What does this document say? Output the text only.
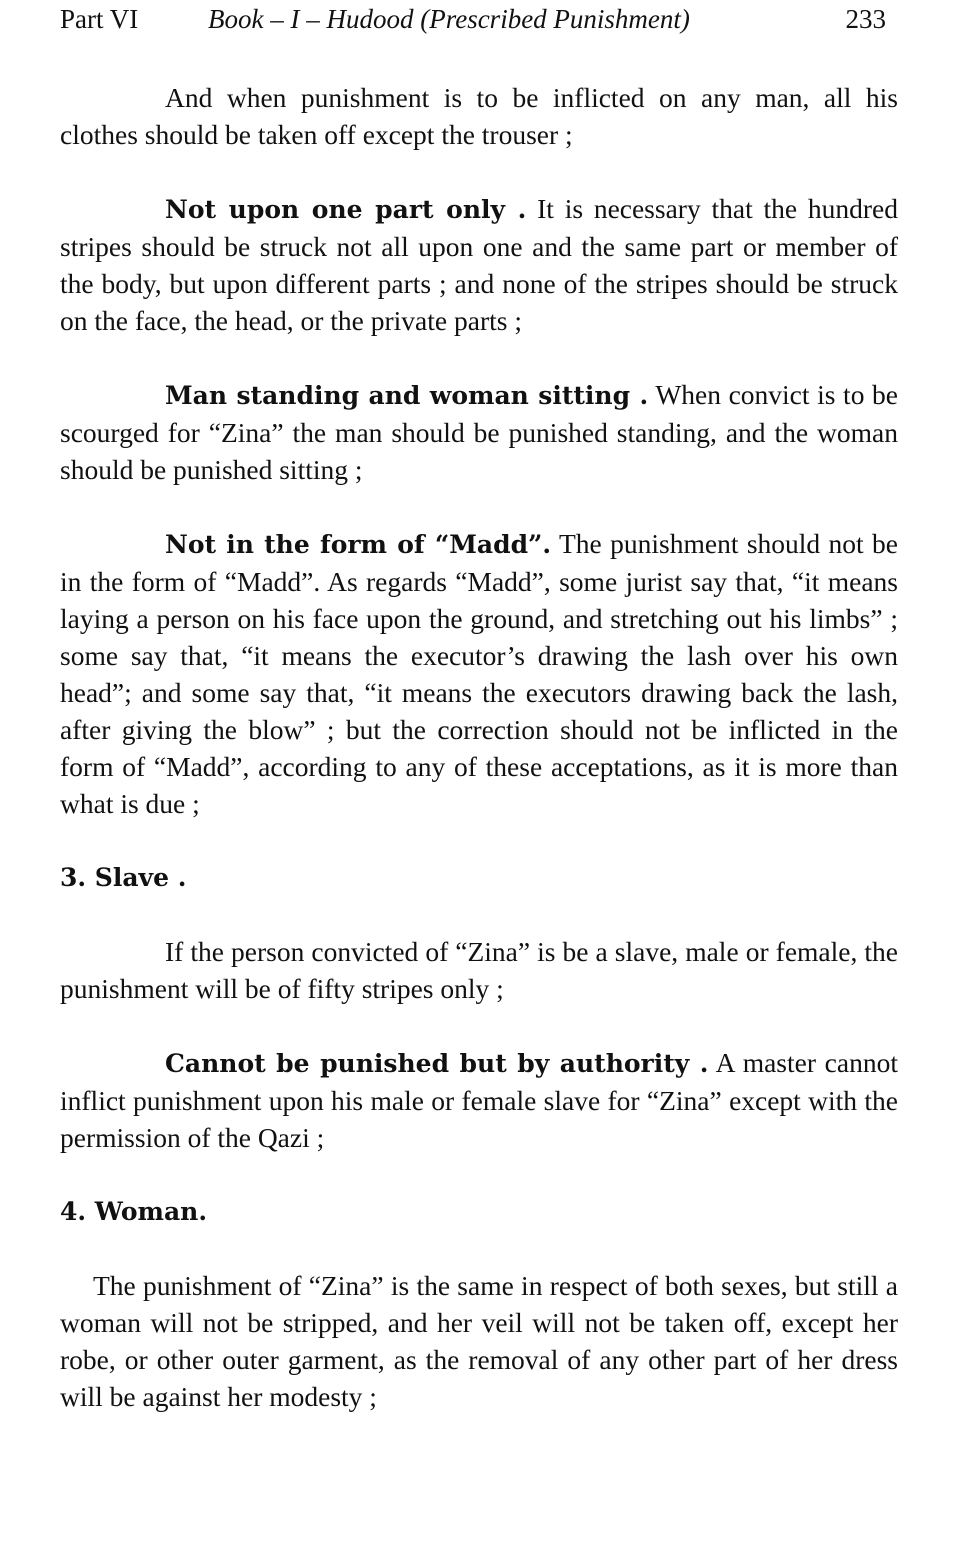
Part VI	Book – I – Hudood (Prescribed Punishment)	233

And when punishment is to be inflicted on any man, all his clothes should be taken off except the trouser ;

Not upon one part only . It is necessary that the hundred stripes should be struck not all upon one and the same part or member of the body, but upon different parts ; and none of the stripes should be struck on the face, the head, or the private parts ;

Man standing and woman sitting . When convict is to be scourged for “Zina” the man should be punished standing, and the woman should be punished sitting ;

Not in the form of “Madd”. The punishment should not be in the form of “Madd”. As regards “Madd”, some jurist say that, “it means laying a person on his face upon the ground, and stretching out his limbs” ; some say that, “it means the executor’s drawing the lash over his own head”; and some say that, “it means the executors drawing back the lash, after giving the blow” ; but the correction should not be inflicted in the form of “Madd”, according to any of these acceptations, as it is more than what is due ;

3. Slave .

If the person convicted of “Zina” is be a slave, male or female, the punishment will be of fifty stripes only ;

Cannot be punished but by authority . A master cannot inflict punishment upon his male or female slave for “Zina” except with the permission of the Qazi ;

4. Woman.

The punishment of “Zina” is the same in respect of both sexes, but still a woman will not be stripped, and her veil will not be taken off, except her robe, or other outer garment, as the removal of any other part of her dress will be against her modesty ;
